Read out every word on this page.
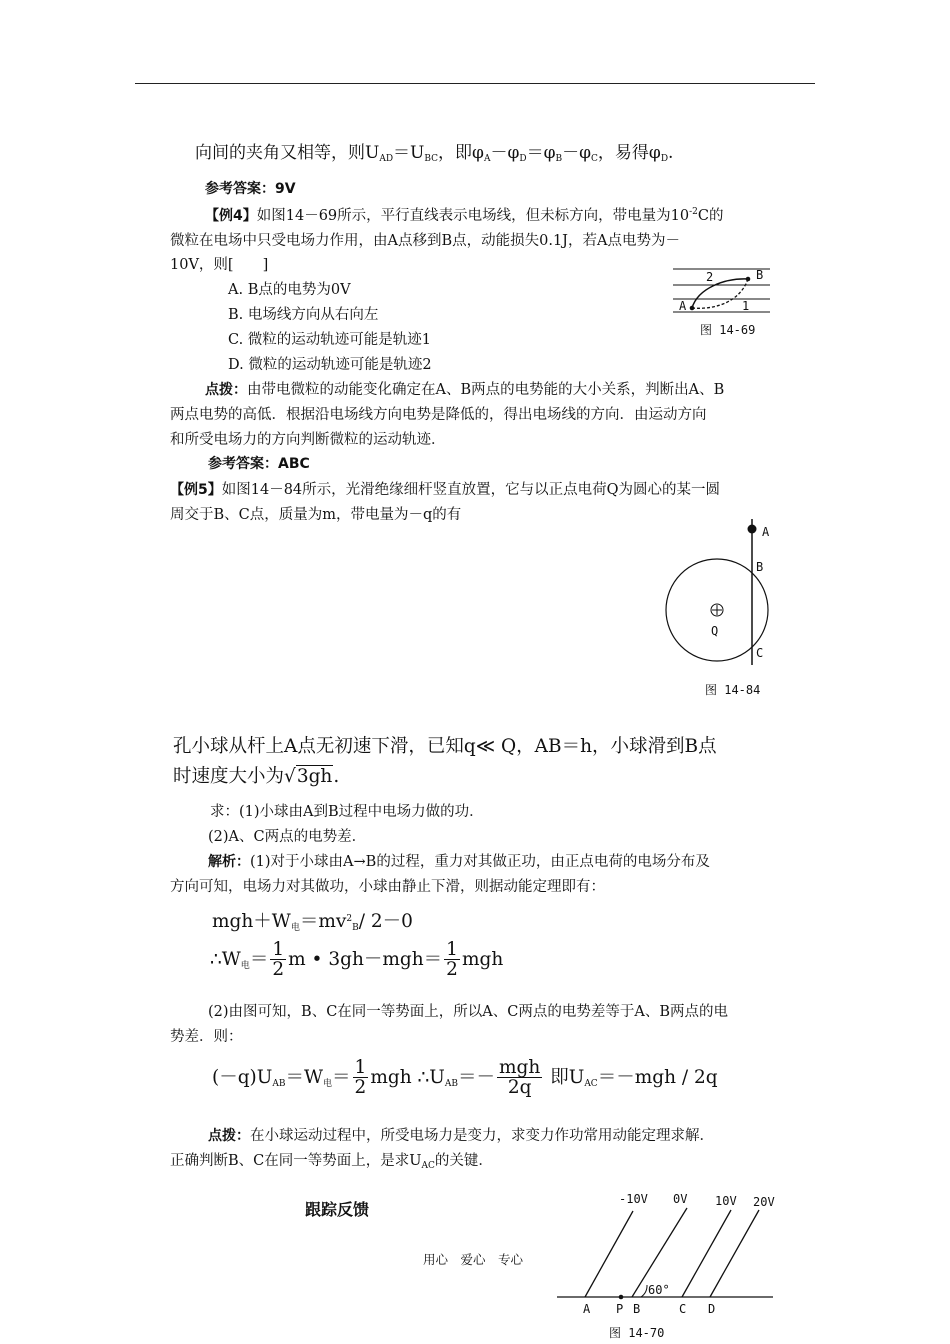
向间的夹角又相等，则$U_{AD}=U_{BC}$，即$\varphi_A-\varphi_D=\varphi_B-\varphi_C$，易得$\varphi_D$.
参考答案：9V
【例4】如图14－69所示，平行直线表示电场线，但未标方向，带电量为$10^{-2}C$的
微粒在电场中只受电场力作用，由A点移到B点，动能损失0.1J，若A点电势为－
10V，则[　　]
A. B点的电势为0V
B. 电场线方向从右向左
C. 微粒的运动轨迹可能是轨迹1
D. 微粒的运动轨迹可能是轨迹2
2	B
A	1
图 14-69
点拨：由带电微粒的动能变化确定在A、B两点的电势能的大小关系，判断出A、B
两点电势的高低．根据沿电场线方向电势是降低的，得出电场线的方向．由运动方向
和所受电场力的方向判断微粒的运动轨迹．
参考答案：ABC
【例5】如图14－84所示，光滑绝缘细杆竖直放置，它与以正点电荷Q为圆心的某一圆
周交于B、C点，质量为m，带电量为－q的有
A
B
Q
C
图 14-84
孔小球从杆上A点无初速下滑，已知q≪ Q，AB＝h，小球滑到B点
时速度大小为√3gh.
求：(1)小球由A到B过程中电场力做的功．
(2)A、C两点的电势差．
解析：(1)对于小球由A→B的过程，重力对其做正功，由正点电荷的电场分布及
方向可知，电场力对其做功，小球由静止下滑，则据动能定理即有：
$mgh+W_电=mv^2_B/$ 2－0
$\therefore W_电= \frac{1}{2}$ m • $3gh-mgh= \frac{1}{2}$ mgh
(2)由图可知，B、C在同一等势面上，所以A、C两点的电势差等于A、B两点的电
势差．则：
$(-q)U_{AB}=W_电= \frac{1}{2}$ mgh $\therefore U_{AB}=- \frac{\text{mgh}}{2q}$ 即$U_{AC}=-mgh / 2q$
点拨：在小球运动过程中，所受电场力是变力，求变力作功常用动能定理求解．
正确判断B、C在同一等势面上，是求$U_{AC}$的关键．
跟踪反馈
用心　爱心　专心
-10V 0V 10V 20V
60°
A P B	C D
图 14-70
